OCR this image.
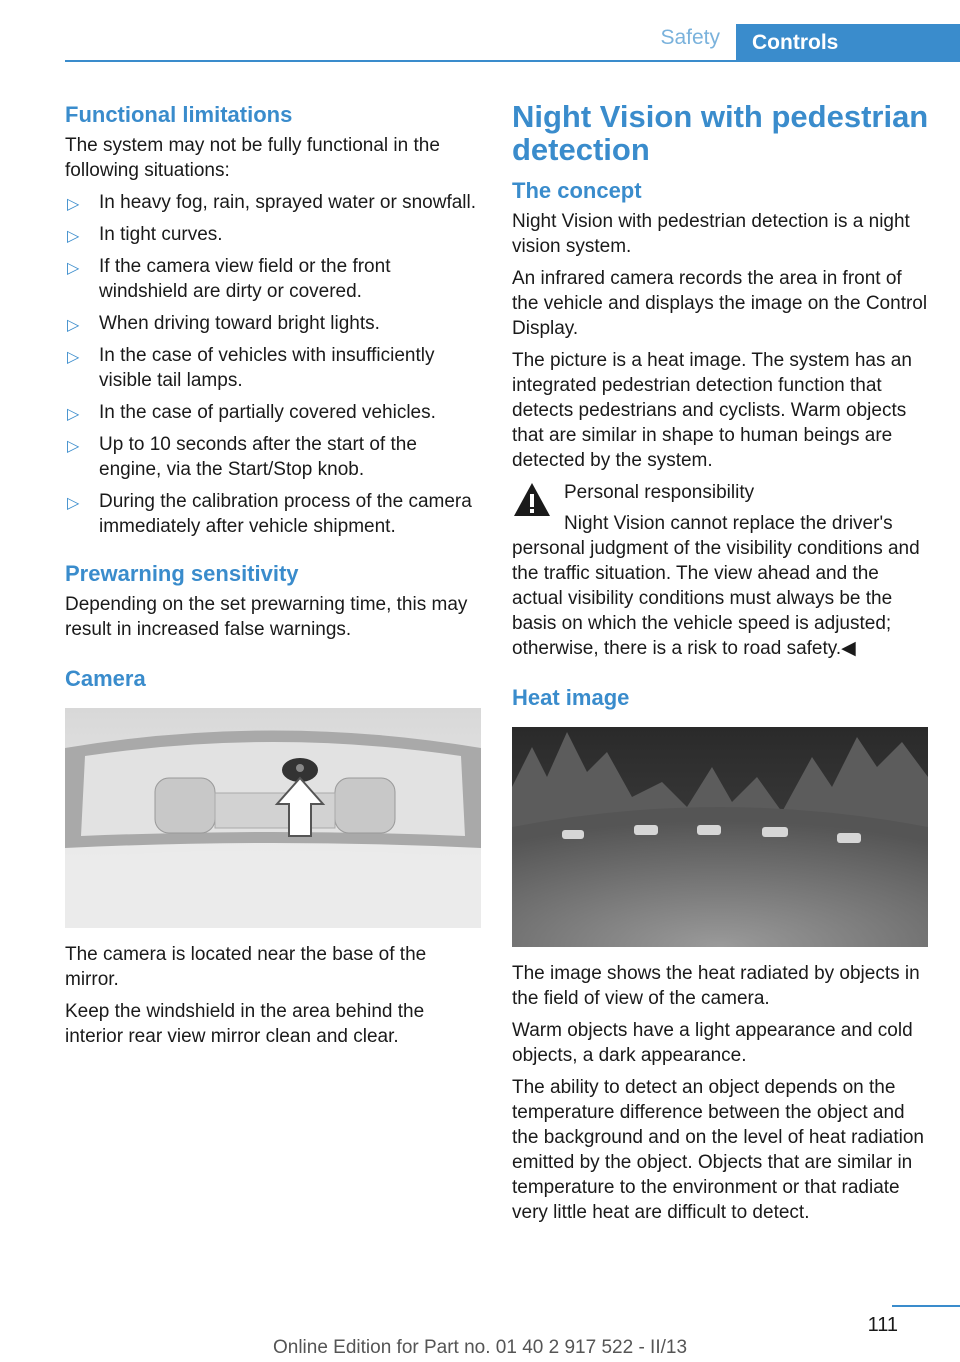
Safety	Controls
Functional limitations

The system may not be fully functional in the following situations:

▷ In heavy fog, rain, sprayed water or snowfall.
▷ In tight curves.
▷ If the camera view field or the front windshield are dirty or covered.
▷ When driving toward bright lights.
▷ In the case of vehicles with insufficiently visible tail lamps.
▷ In the case of partially covered vehicles.
▷ Up to 10 seconds after the start of the engine, via the Start/Stop knob.
▷ During the calibration process of the camera immediately after vehicle shipment.
Prewarning sensitivity

Depending on the set prewarning time, this may result in increased false warnings.

Camera

The camera is located near the base of the mirror.

Keep the windshield in the area behind the interior rear view mirror clean and clear.

Night Vision with pedestrian detection
The concept

Night Vision with pedestrian detection is a night vision system.

An infrared camera records the area in front of the vehicle and displays the image on the Control Display.

The picture is a heat image. The system has an integrated pedestrian detection function that detects pedestrians and cyclists. Warm objects that are similar in shape to human beings are detected by the system.

Personal responsibility

Night Vision cannot replace the driver's personal judgment of the visibility conditions and the traffic situation. The view ahead and the actual visibility conditions must always be the basis on which the vehicle speed is adjusted; otherwise, there is a risk to road safety.◀

Heat image

The image shows the heat radiated by objects in the field of view of the camera.

Warm objects have a light appearance and cold objects, a dark appearance.

The ability to detect an object depends on the temperature difference between the object and the background and on the level of heat radiation emitted by the object. Objects that are similar in temperature to the environment or that radiate very little heat are difficult to detect.

111
Online Edition for Part no. 01 40 2 917 522 - II/13
